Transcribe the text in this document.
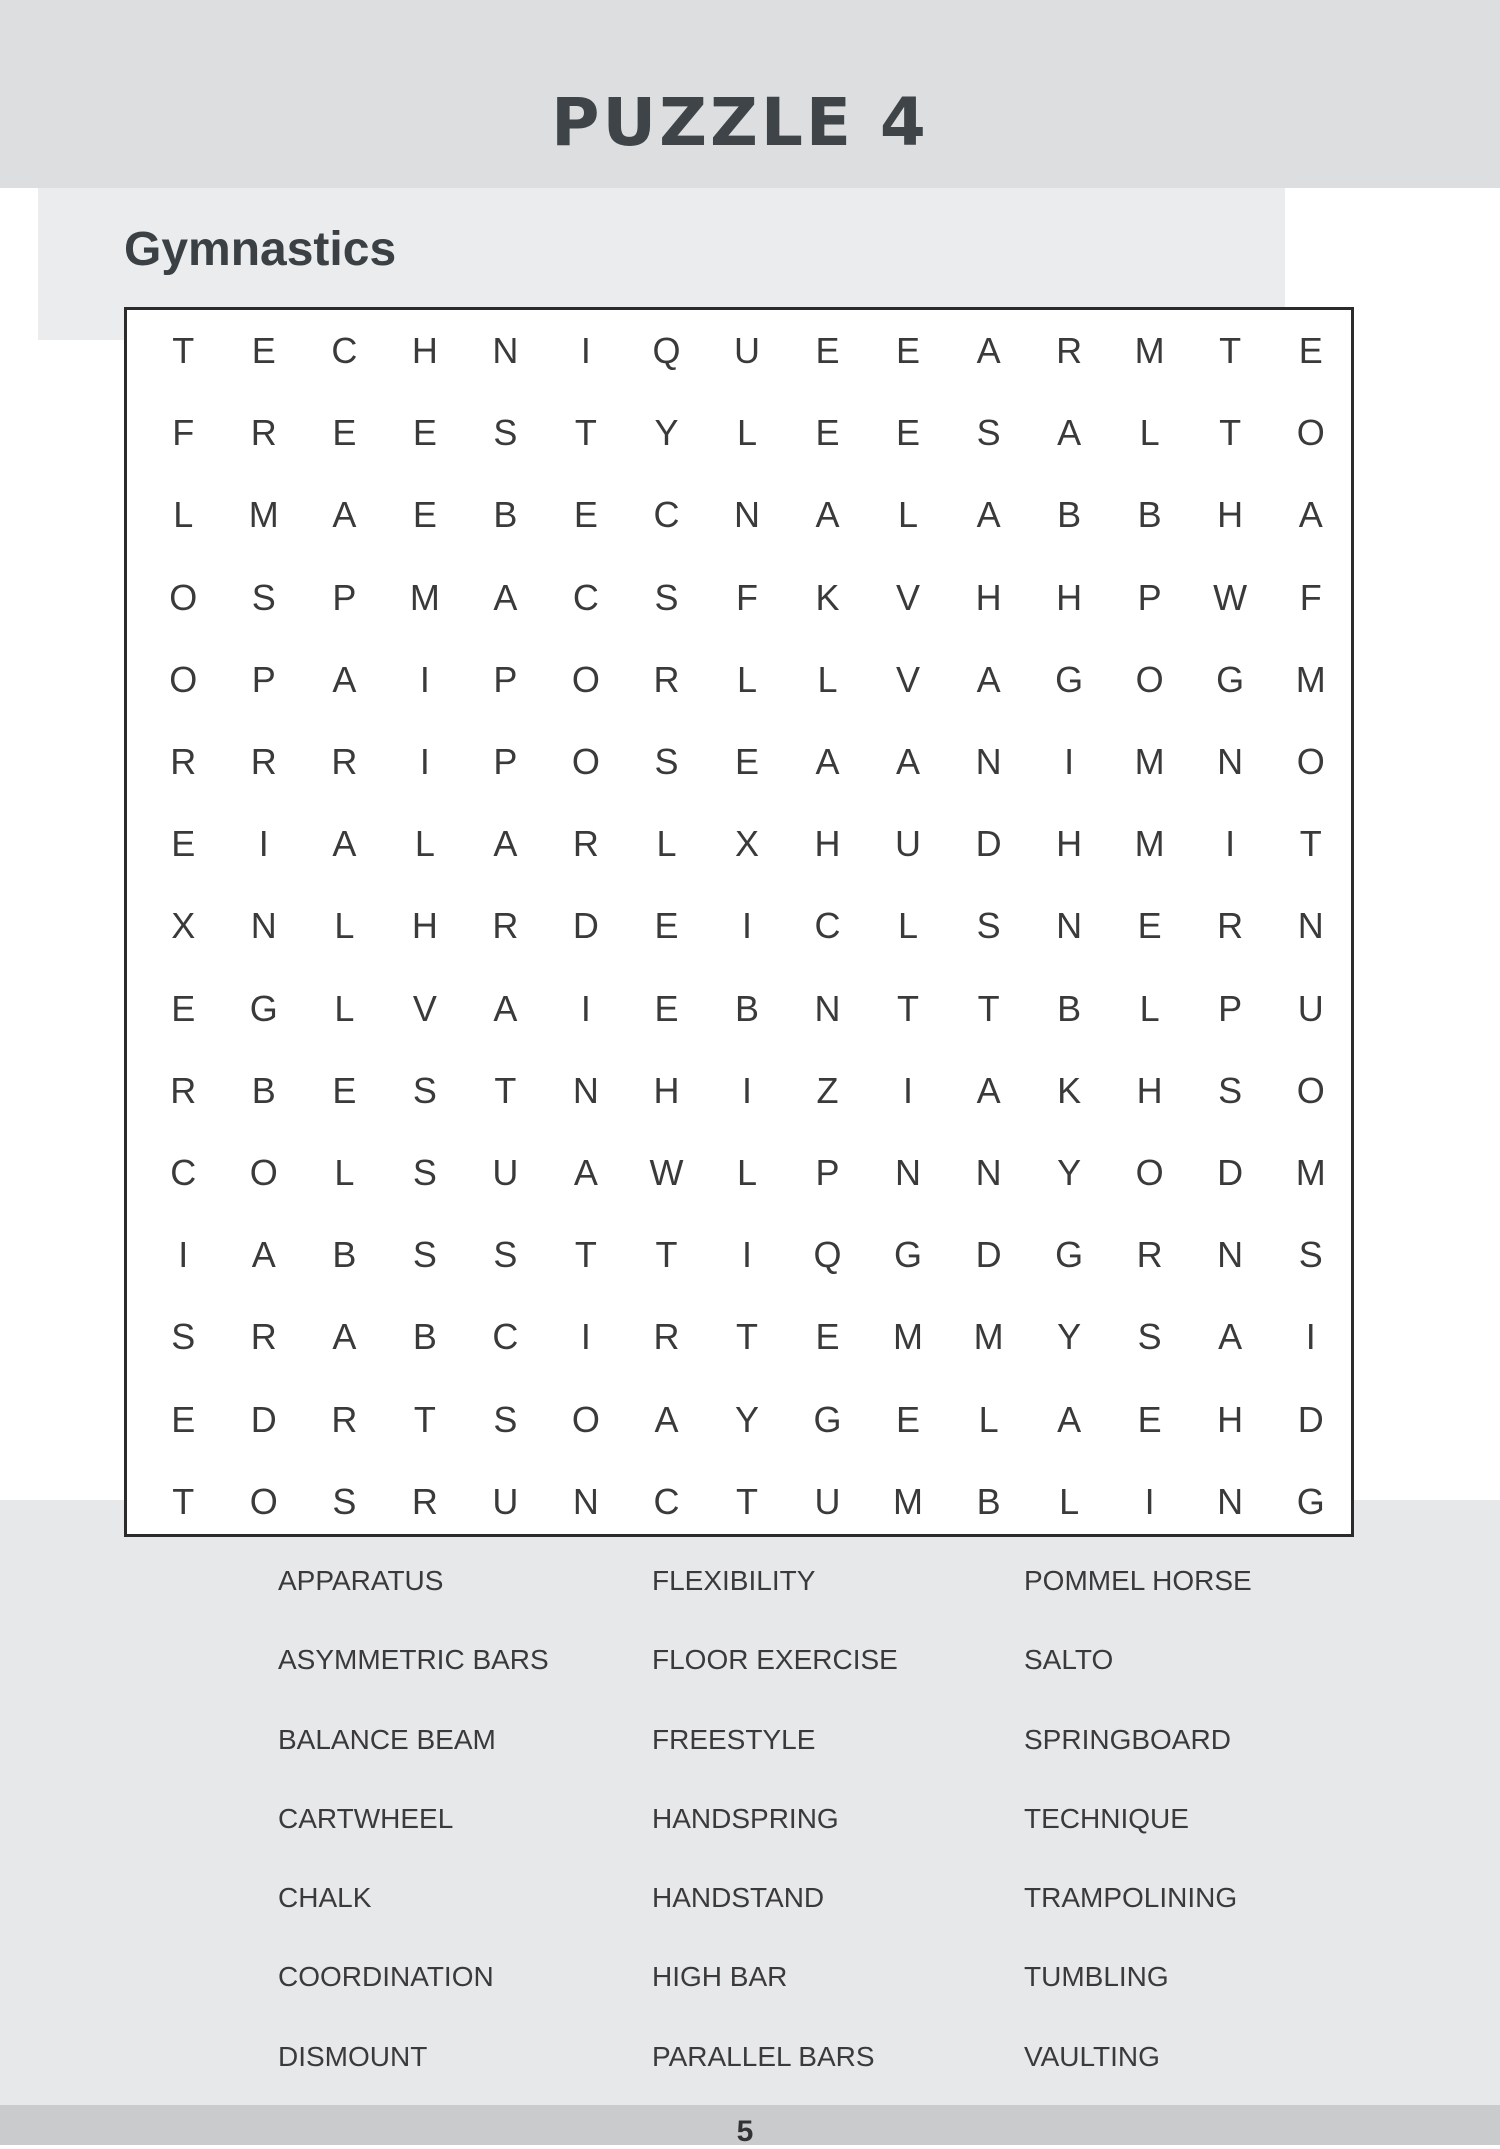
PUZZLE 4
Gymnastics
T	E	C	H	N	I	Q	U	E	E	A	R	M	T	E
F	R	E	E	S	T	Y	L	E	E	S	A	L	T	O
L	M	A	E	B	E	C	N	A	L	A	B	B	H	A
O	S	P	M	A	C	S	F	K	V	H	H	P	W	F
O	P	A	I	P	O	R	L	L	V	A	G	O	G	M
R	R	R	I	P	O	S	E	A	A	N	I	M	N	O
E	I	A	L	A	R	L	X	H	U	D	H	M	I	T
X	N	L	H	R	D	E	I	C	L	S	N	E	R	N
E	G	L	V	A	I	E	B	N	T	T	B	L	P	U
R	B	E	S	T	N	H	I	Z	I	A	K	H	S	O
C	O	L	S	U	A	W	L	P	N	N	Y	O	D	M
I	A	B	S	S	T	T	I	Q	G	D	G	R	N	S
S	R	A	B	C	I	R	T	E	M	M	Y	S	A	I
E	D	R	T	S	O	A	Y	G	E	L	A	E	H	D
T	O	S	R	U	N	C	T	U	M	B	L	I	N	G
APPARATUS	FLEXIBILITY	POMMEL HORSE
ASYMMETRIC BARS	FLOOR EXERCISE	SALTO
BALANCE BEAM	FREESTYLE	SPRINGBOARD
CARTWHEEL	HANDSPRING	TECHNIQUE
CHALK	HANDSTAND	TRAMPOLINING
COORDINATION	HIGH BAR	TUMBLING
DISMOUNT	PARALLEL BARS	VAULTING
5
